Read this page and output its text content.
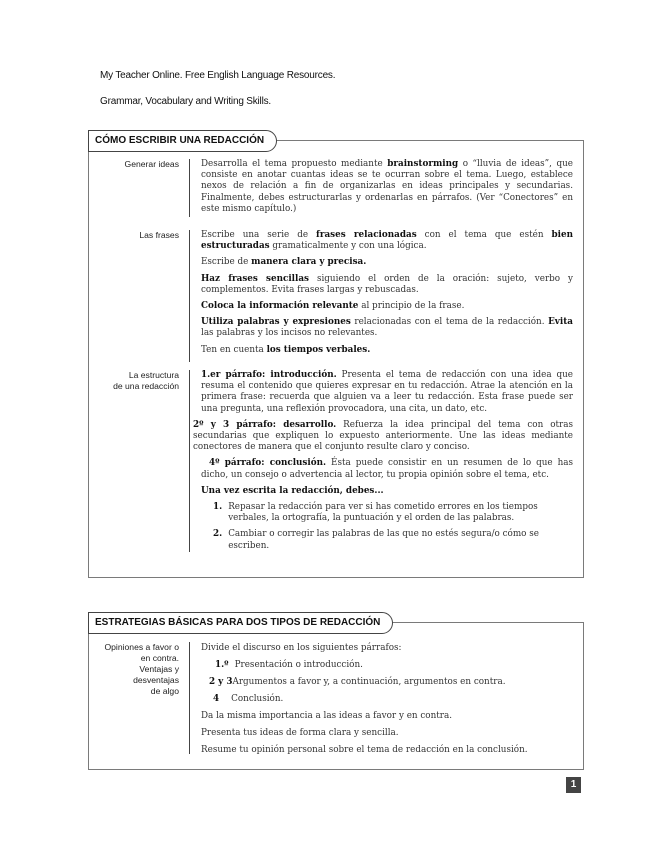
My Teacher Online. Free English Language Resources.
Grammar, Vocabulary and Writing Skills.
CÓMO ESCRIBIR UNA REDACCIÓN
Generar ideas	Desarrolla el tema propuesto mediante brainstorming o “lluvia de ideas”, que consiste en anotar cuantas ideas se te ocurran sobre el tema. Luego, establece nexos de relación a fin de organizarlas en ideas principales y secundarias. Finalmente, debes estructurarlas y ordenarlas en párrafos. (Ver “Conectores” en este mismo capítulo.)

Las frases	Escribe una serie de frases relacionadas con el tema que estén bien estructuradas gramaticalmente y con una lógica.

Escribe de manera clara y precisa.

Haz frases sencillas siguiendo el orden de la oración: sujeto, verbo y complementos. Evita frases largas y rebuscadas.

Coloca la información relevante al principio de la frase.

Utiliza palabras y expresiones relacionadas con el tema de la redacción. Evita las palabras y los incisos no relevantes.

Ten en cuenta los tiempos verbales.

La estructura
de una redacción

1.er párrafo: introducción. Presenta el tema de redacción con una idea que resuma el contenido que quieres expresar en tu redacción. Atrae la atención en la primera frase: recuerda que alguien va a leer tu redacción. Esta frase puede ser una pregunta, una reflexión provocadora, una cita, un dato, etc.

2º y 3 párrafo: desarrollo. Refuerza la idea principal del tema con otras secundarias que expliquen lo expuesto anteriormente. Une las ideas mediante conectores de manera que el conjunto resulte claro y conciso.

4º párrafo: conclusión. Ésta puede consistir en un resumen de lo que has dicho, un consejo o advertencia al lector, tu propia opinión sobre el tema, etc.

Una vez escrita la redacción, debes...

1. Repasar la redacción para ver si has cometido errores en los tiempos verbales, la ortografía, la puntuación y el orden de las palabras.
2. Cambiar o corregir las palabras de las que no estés segura/o cómo se escriben.
ESTRATEGIAS BÁSICAS PARA DOS TIPOS DE REDACCIÓN
Opiniones a favor o
en contra.
Ventajas y
desventajas
de algo

Divide el discurso en los siguientes párrafos:

1.º Presentación o introducción.
2 y 3 Argumentos a favor y, a continuación, argumentos en contra.
4 Conclusión.

Da la misma importancia a las ideas a favor y en contra.

Presenta tus ideas de forma clara y sencilla.

Resume tu opinión personal sobre el tema de redacción en la conclusión.

1
